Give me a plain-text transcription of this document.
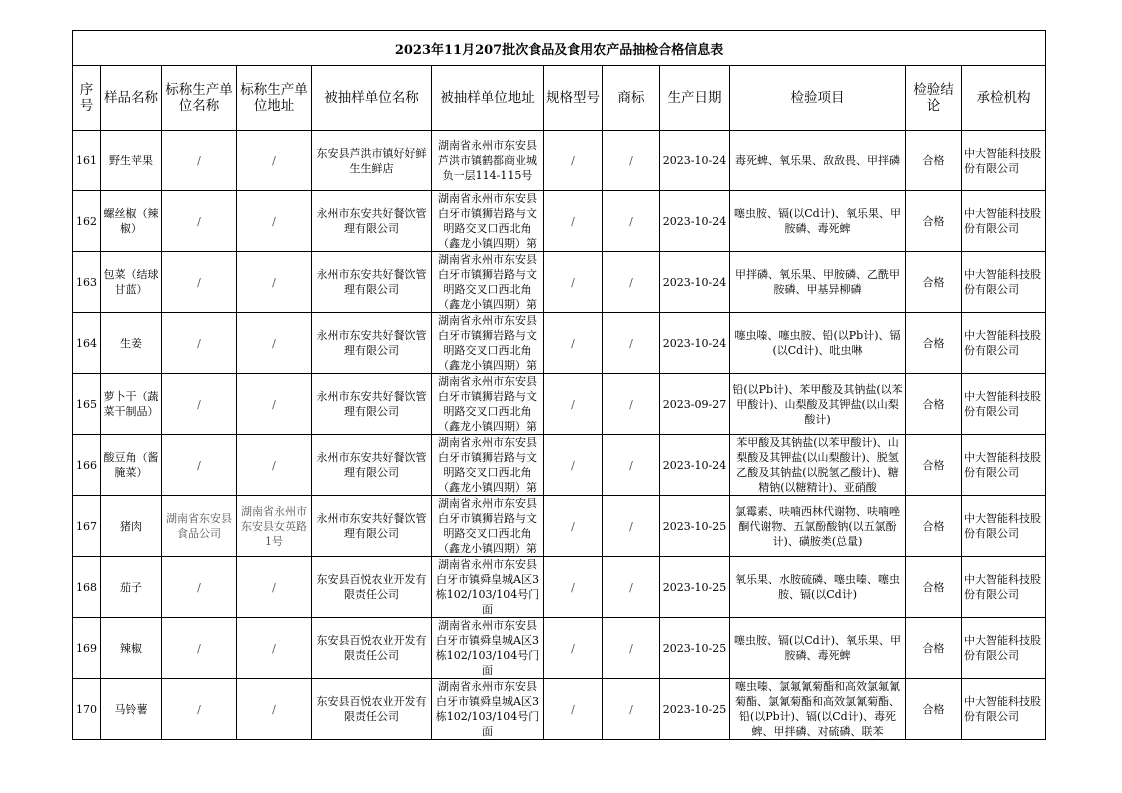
2023年11月207批次食品及食用农产品抽检合格信息表											
序号	样品名称	标称生产单位名称	标称生产单位地址	被抽样单位名称	被抽样单位地址	规格型号	商标	生产日期	检验项目	检验结论	承检机构

161	野生苹果	/	/	东安县芦洪市镇好好鲜生生鲜店	湖南省永州市东安县芦洪市镇鹤都商业城负一层114-115号	/	/	2023-10-24	毒死蜱、氧乐果、敌敌畏、甲拌磷	合格	中大智能科技股份有限公司

162	螺丝椒（辣椒）	/	/	永州市东安共好餐饮管理有限公司	湖南省永州市东安县白牙市镇狮岩路与文明路交叉口西北角（鑫龙小镇四期）第	/	/	2023-10-24	噻虫胺、镉(以Cd计)、氧乐果、甲胺磷、毒死蜱	合格	中大智能科技股份有限公司

163	包菜（结球甘蓝）	/	/	永州市东安共好餐饮管理有限公司	湖南省永州市东安县白牙市镇狮岩路与文明路交叉口西北角（鑫龙小镇四期）第	/	/	2023-10-24	甲拌磷、氧乐果、甲胺磷、乙酰甲胺磷、甲基异柳磷	合格	中大智能科技股份有限公司

164	生姜	/	/	永州市东安共好餐饮管理有限公司	湖南省永州市东安县白牙市镇狮岩路与文明路交叉口西北角（鑫龙小镇四期）第	/	/	2023-10-24	噻虫嗪、噻虫胺、铅(以Pb计)、镉(以Cd计)、吡虫啉	合格	中大智能科技股份有限公司

165	萝卜干（蔬菜干制品）	/	/	永州市东安共好餐饮管理有限公司	湖南省永州市东安县白牙市镇狮岩路与文明路交叉口西北角（鑫龙小镇四期）第	/	/	2023-09-27	铅(以Pb计)、苯甲酸及其钠盐(以苯甲酸计)、山梨酸及其钾盐(以山梨酸计)	合格	中大智能科技股份有限公司

166	酸豆角（酱腌菜）	/	/	永州市东安共好餐饮管理有限公司	湖南省永州市东安县白牙市镇狮岩路与文明路交叉口西北角（鑫龙小镇四期）第	/	/	2023-10-24	苯甲酸及其钠盐(以苯甲酸计)、山梨酸及其钾盐(以山梨酸计)、脱氢乙酸及其钠盐(以脱氢乙酸计)、糖精钠(以糖精计)、亚硝酸	合格	中大智能科技股份有限公司

167	猪肉	湖南省东安县食品公司	湖南省永州市东安县女英路1号	永州市东安共好餐饮管理有限公司	湖南省永州市东安县白牙市镇狮岩路与文明路交叉口西北角（鑫龙小镇四期）第	/	/	2023-10-25	氯霉素、呋喃西林代谢物、呋喃唑酮代谢物、五氯酚酸钠(以五氯酚计)、磺胺类(总量)	合格	中大智能科技股份有限公司

168	茄子	/	/	东安县百悦农业开发有限责任公司	湖南省永州市东安县白牙市镇舜皇城A区3栋102/103/104号门面	/	/	2023-10-25	氧乐果、水胺硫磷、噻虫嗪、噻虫胺、镉(以Cd计)	合格	中大智能科技股份有限公司

169	辣椒	/	/	东安县百悦农业开发有限责任公司	湖南省永州市东安县白牙市镇舜皇城A区3栋102/103/104号门面	/	/	2023-10-25	噻虫胺、镉(以Cd计)、氧乐果、甲胺磷、毒死蜱	合格	中大智能科技股份有限公司

170	马铃薯	/	/	东安县百悦农业开发有限责任公司	湖南省永州市东安县白牙市镇舜皇城A区3栋102/103/104号门面	/	/	2023-10-25	噻虫嗪、氯氟氰菊酯和高效氯氟氰菊酯、氯氰菊酯和高效氯氰菊酯、铅(以Pb计)、镉(以Cd计)、毒死蜱、甲拌磷、对硫磷、联苯	合格	中大智能科技股份有限公司
